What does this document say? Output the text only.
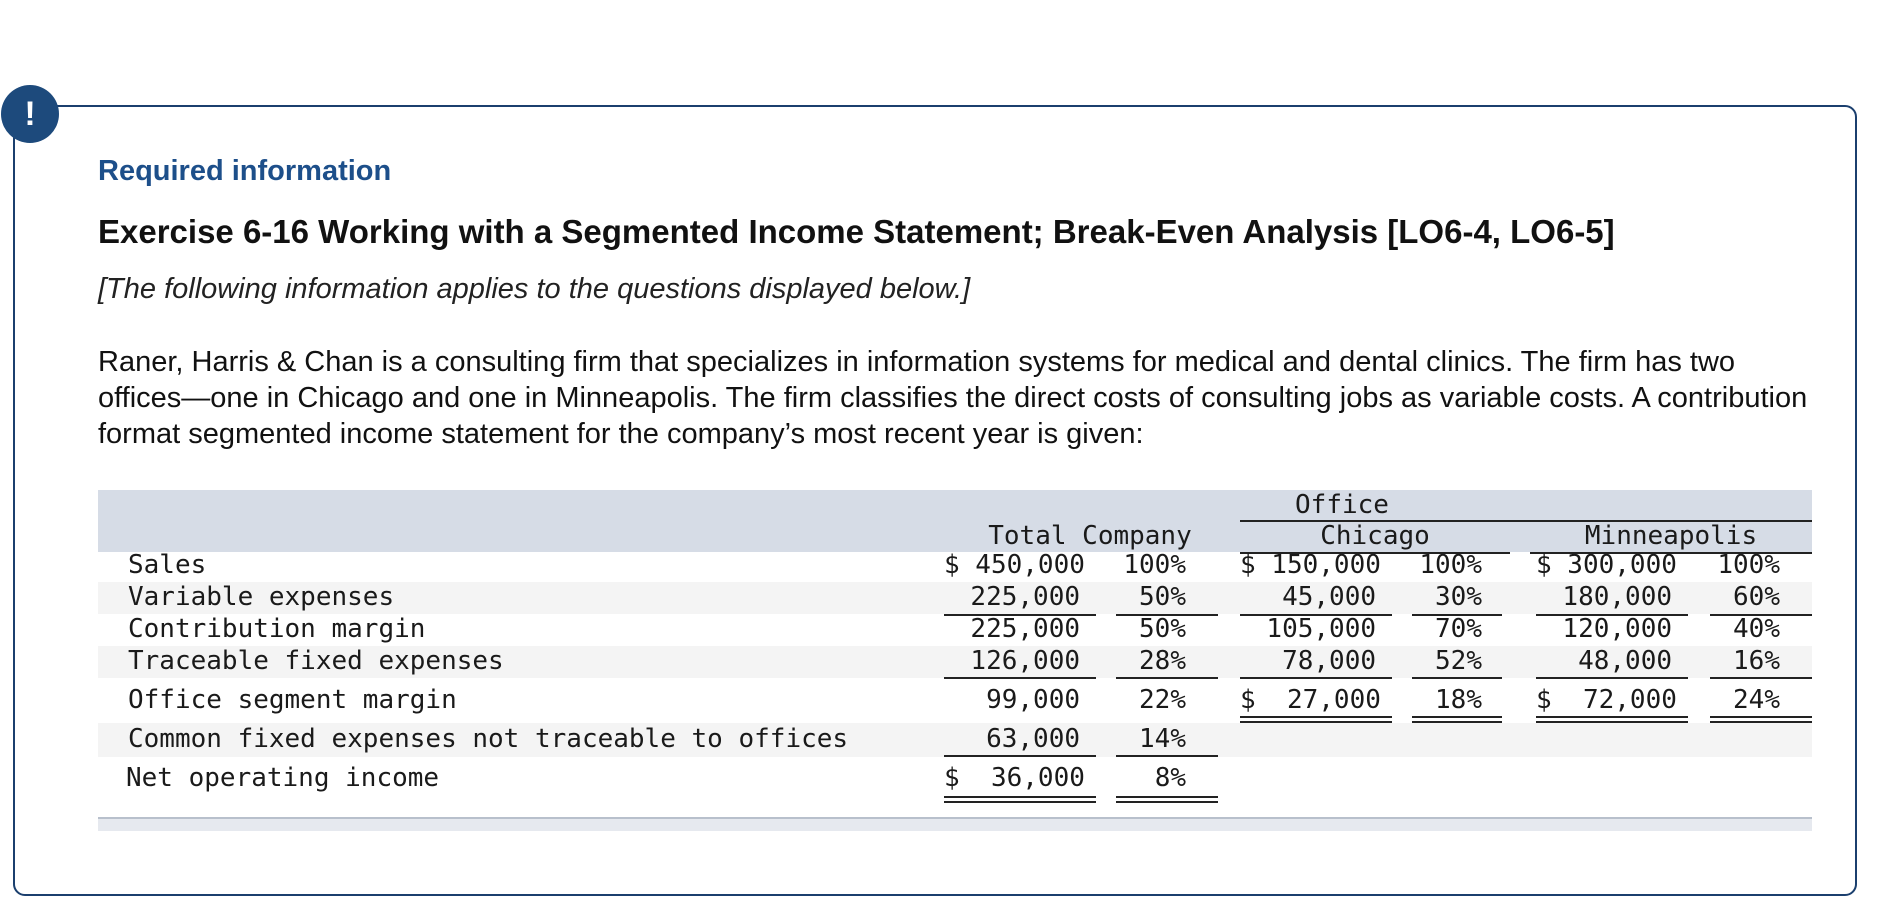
!
Required information
Exercise 6-16 Working with a Segmented Income Statement; Break-Even Analysis [LO6-4, LO6-5]
[The following information applies to the questions displayed below.]
Raner, Harris & Chan is a consulting firm that specializes in information systems for medical and dental clinics. The firm has two offices—one in Chicago and one in Minneapolis. The firm classifies the direct costs of consulting jobs as variable costs. A contribution format segmented income statement for the company’s most recent year is given:
Office
Total Company	Chicago	Minneapolis
Sales	$ 450,000 100% $ 150,000 100% $ 300,000 100%
Variable expenses	225,000	50%	45,000	30%	180,000	60%
Contribution margin	225,000	50%	105,000	70%	120,000	40%
Traceable fixed expenses	126,000	28%	78,000	52%	48,000	16%
Office segment margin	99,000	22% $  27,000	18% $  72,000	24%
Common fixed expenses not traceable to offices	63,000	14%
Net operating income	$  36,000	8%
